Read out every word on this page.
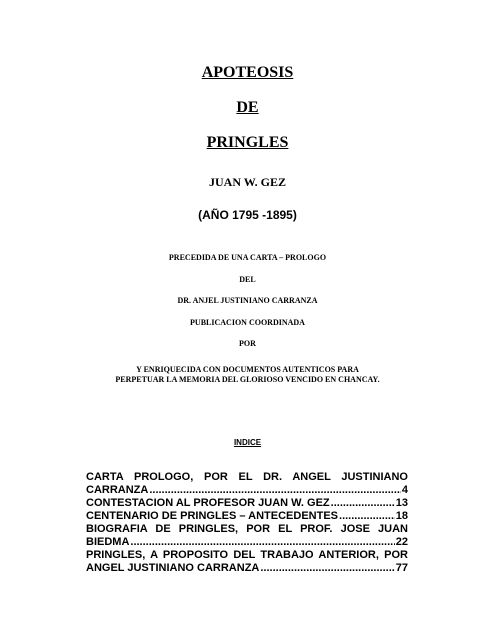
APOTEOSIS
DE
PRINGLES
JUAN W. GEZ
(AÑO 1795 -1895)
PRECEDIDA DE UNA CARTA – PROLOGO
DEL
DR. ANJEL JUSTINIANO CARRANZA
PUBLICACION COORDINADA
POR
Y ENRIQUECIDA CON DOCUMENTOS AUTENTICOS PARA
PERPETUAR LA MEMORIA DEL GLORIOSO VENCIDO EN CHANCAY.
INDICE
CARTA PROLOGO, POR EL DR. ANGEL JUSTINIANO
CARRANZA .....	4
CONTESTACION AL PROFESOR JUAN W. GEZ .....	13
CENTENARIO DE PRINGLES – ANTECEDENTES .....	18
BIOGRAFIA DE PRINGLES, POR EL PROF. JOSE JUAN
BIEDMA .....	22
PRINGLES, A PROPOSITO DEL TRABAJO ANTERIOR, POR
ANGEL JUSTINIANO CARRANZA .....	77
